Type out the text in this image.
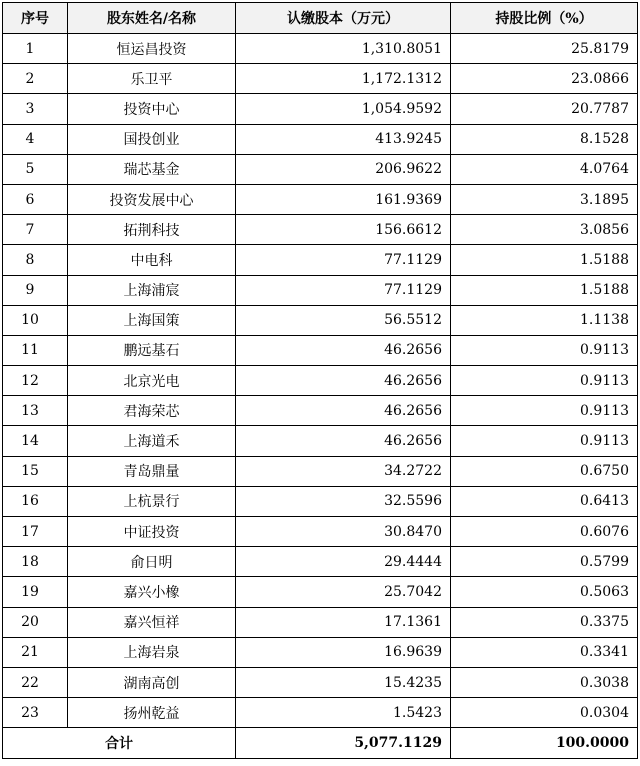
序号	股东姓名/名称	认缴股本（万元）	持股比例（%）
1	恒运昌投资	1,310.8051	25.8179
2	乐卫平	1,172.1312	23.0866
3	投资中心	1,054.9592	20.7787
4	国投创业	413.9245	8.1528
5	瑞芯基金	206.9622	4.0764
6	投资发展中心	161.9369	3.1895
7	拓荆科技	156.6612	3.0856
8	中电科	77.1129	1.5188
9	上海浦宸	77.1129	1.5188
10	上海国策	56.5512	1.1138
11	鹏远基石	46.2656	0.9113
12	北京光电	46.2656	0.9113
13	君海荣芯	46.2656	0.9113
14	上海道禾	46.2656	0.9113
15	青岛鼎量	34.2722	0.6750
16	上杭景行	32.5596	0.6413
17	中证投资	30.8470	0.6076
18	俞日明	29.4444	0.5799
19	嘉兴小橡	25.7042	0.5063
20	嘉兴恒祥	17.1361	0.3375
21	上海岩泉	16.9639	0.3341
22	湖南高创	15.4235	0.3038
23	扬州乾益	1.5423	0.0304
合计		5,077.1129	100.0000
